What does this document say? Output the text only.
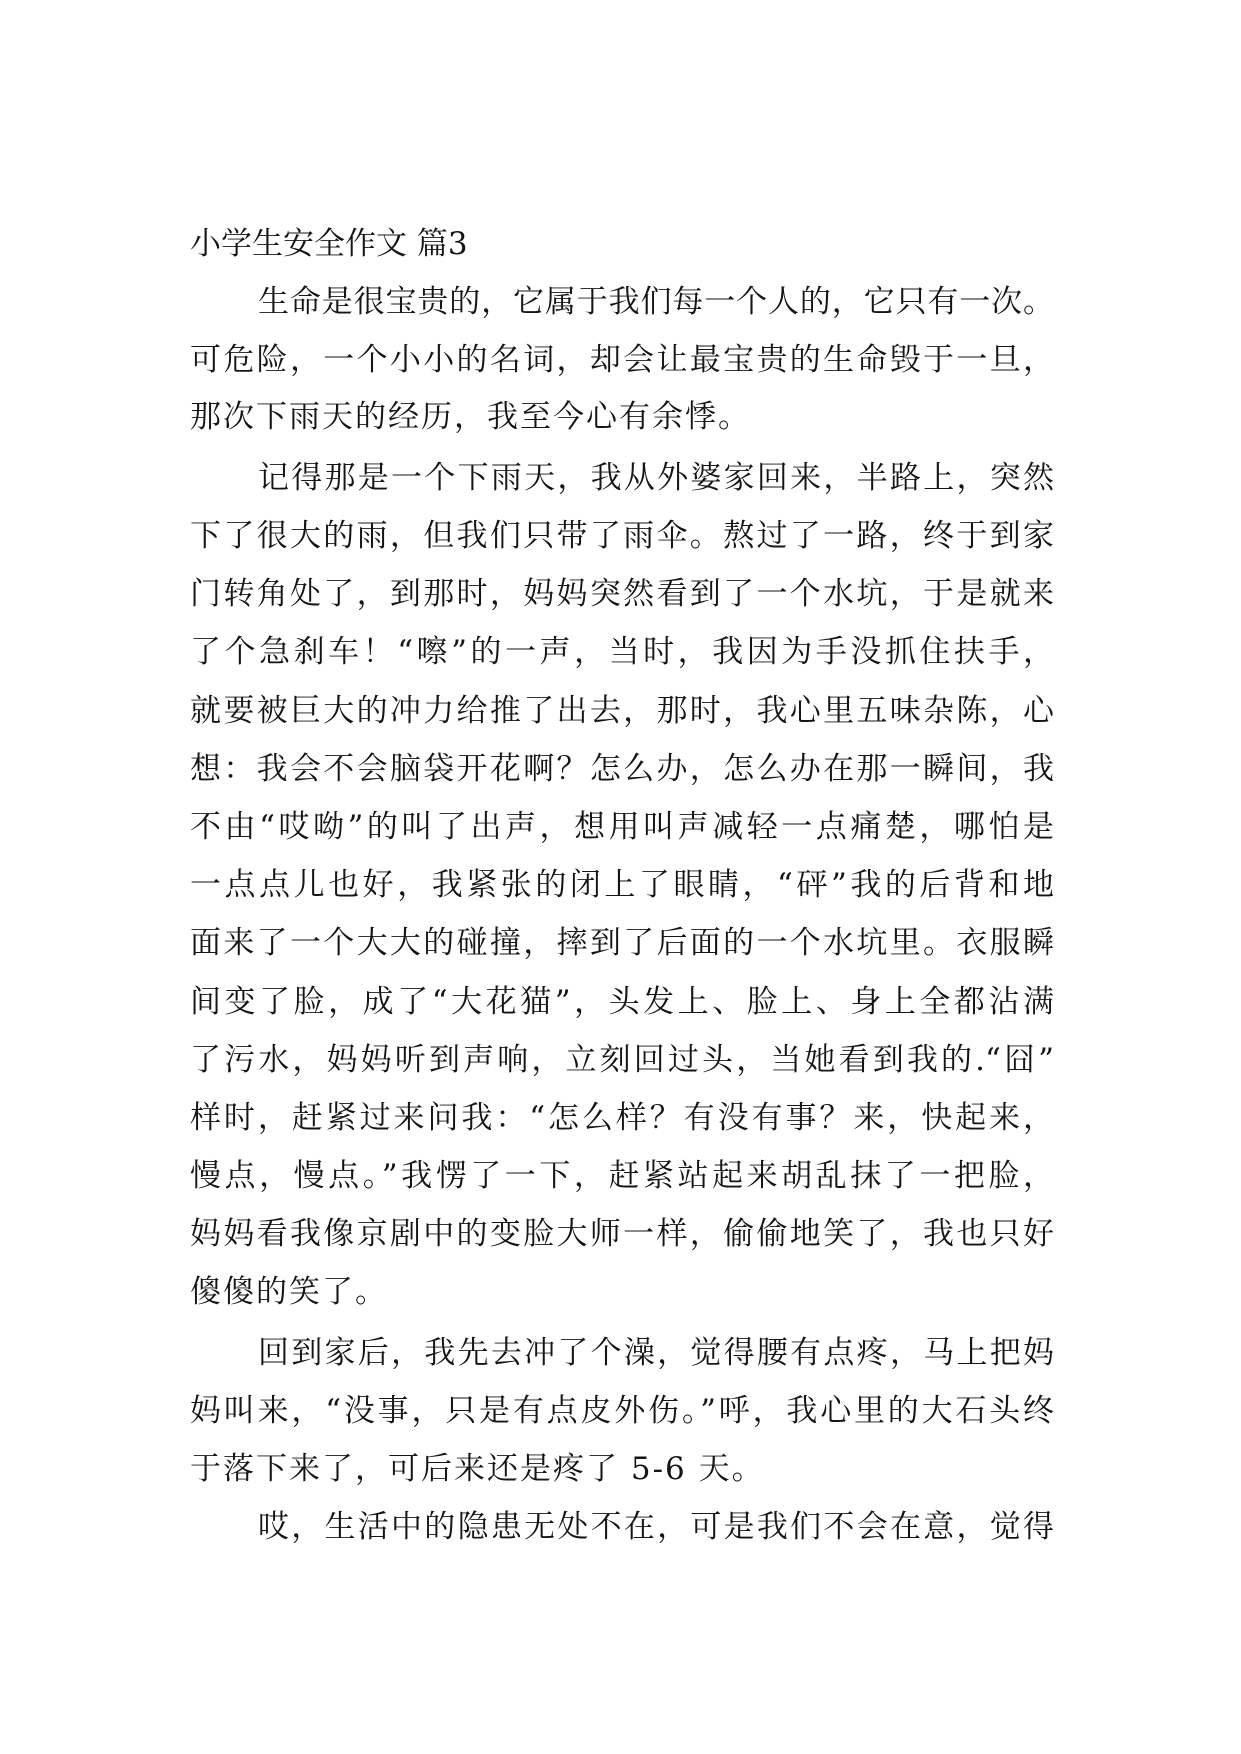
小学生安全作文 篇3
生命是很宝贵的，它属于我们每一个人的，它只有一次。
可危险，一个小小的名词，却会让最宝贵的生命毁于一旦，
那次下雨天的经历，我至今心有余悸。
记得那是一个下雨天，我从外婆家回来，半路上，突然
下了很大的雨，但我们只带了雨伞。熬过了一路，终于到家
门转角处了，到那时，妈妈突然看到了一个水坑，于是就来
了个急刹车！“嚓”的一声，当时，我因为手没抓住扶手，
就要被巨大的冲力给推了出去，那时，我心里五味杂陈，心
想：我会不会脑袋开花啊？怎么办，怎么办在那一瞬间，我
不由“哎呦”的叫了出声，想用叫声减轻一点痛楚，哪怕是
一点点儿也好，我紧张的闭上了眼睛，“砰”我的后背和地
面来了一个大大的碰撞，摔到了后面的一个水坑里。衣服瞬
间变了脸，成了“大花猫”，头发上、脸上、身上全都沾满
了污水，妈妈听到声响，立刻回过头，当她看到我的.“囧”
样时，赶紧过来问我：“怎么样？有没有事？来，快起来，
慢点，慢点。”我愣了一下，赶紧站起来胡乱抹了一把脸，
妈妈看我像京剧中的变脸大师一样，偷偷地笑了，我也只好
傻傻的笑了。
回到家后，我先去冲了个澡，觉得腰有点疼，马上把妈
妈叫来，“没事，只是有点皮外伤。”呼，我心里的大石头终
于落下来了，可后来还是疼了 5-6 天。
哎，生活中的隐患无处不在，可是我们不会在意，觉得
